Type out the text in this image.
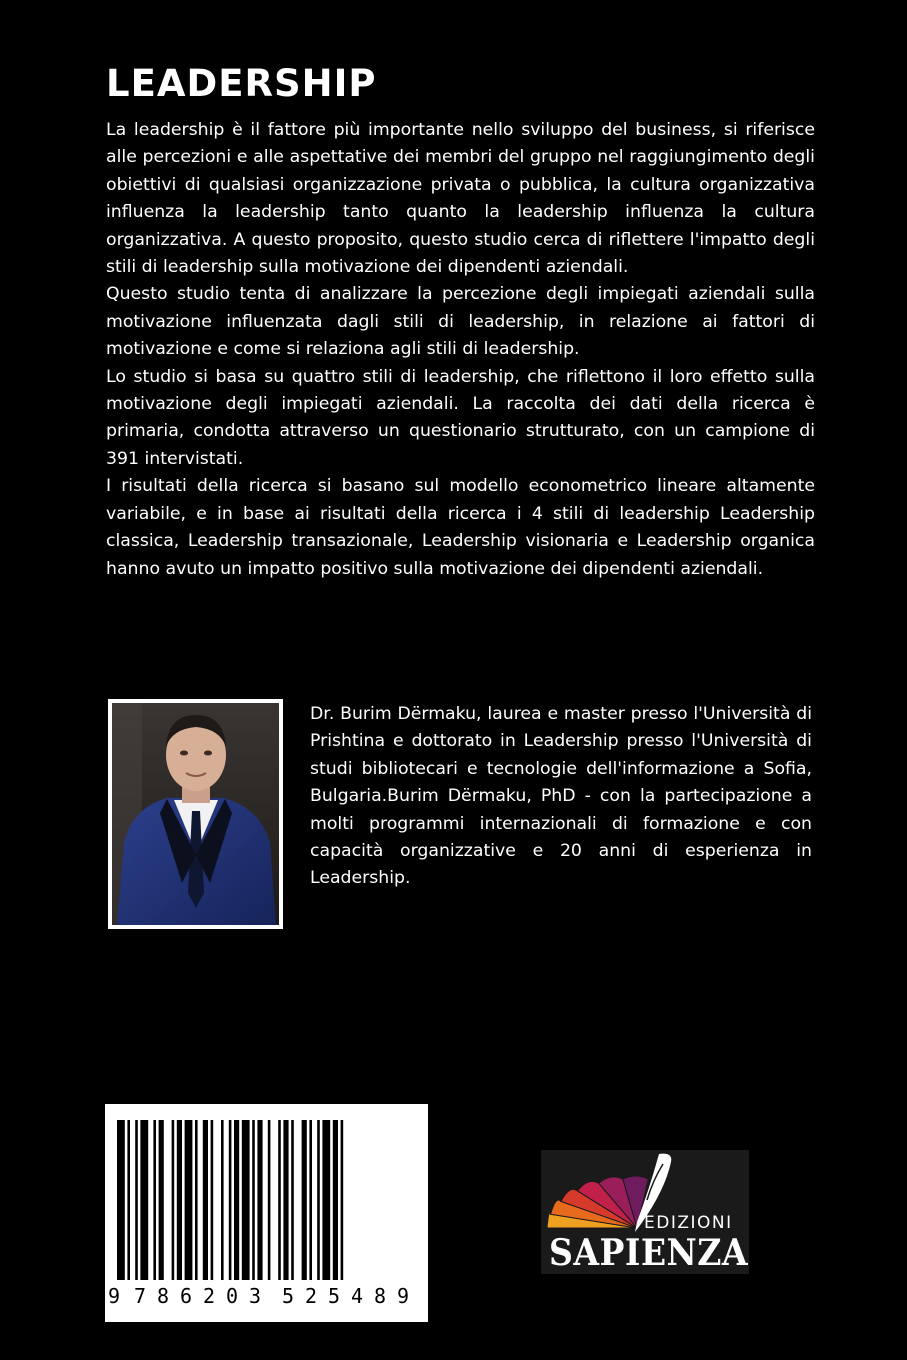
LEADERSHIP

La leadership è il fattore più importante nello sviluppo del business, si riferisce alle percezioni e alle aspettative dei membri del gruppo nel raggiungimento degli obiettivi di qualsiasi organizzazione privata o pubblica, la cultura organizzativa influenza la leadership tanto quanto la leadership influenza la cultura organizzativa. A questo proposito, questo studio cerca di riflettere l'impatto degli stili di leadership sulla motivazione dei dipendenti aziendali.

Questo studio tenta di analizzare la percezione degli impiegati aziendali sulla motivazione influenzata dagli stili di leadership, in relazione ai fattori di motivazione e come si relaziona agli stili di leadership.

Lo studio si basa su quattro stili di leadership, che riflettono il loro effetto sulla motivazione degli impiegati aziendali. La raccolta dei dati della ricerca è primaria, condotta attraverso un questionario strutturato, con un campione di 391 intervistati.

I risultati della ricerca si basano sul modello econometrico lineare altamente variabile, e in base ai risultati della ricerca i 4 stili di leadership Leadership classica, Leadership transazionale, Leadership visionaria e Leadership organica hanno avuto un impatto positivo sulla motivazione dei dipendenti aziendali.

Dr. Burim Dërmaku, laurea e master presso l'Università di Prishtina e dottorato in Leadership presso l'Università di studi bibliotecari e tecnologie dell'informazione a Sofia, Bulgaria.Burim Dërmaku, PhD - con la partecipazione a molti programmi internazionali di formazione e con capacità organizzative e 20 anni di esperienza in Leadership.

9 7 8 6 2 0 3 5 2 5 4 8 9
EDIZIONI
SAPIENZA
